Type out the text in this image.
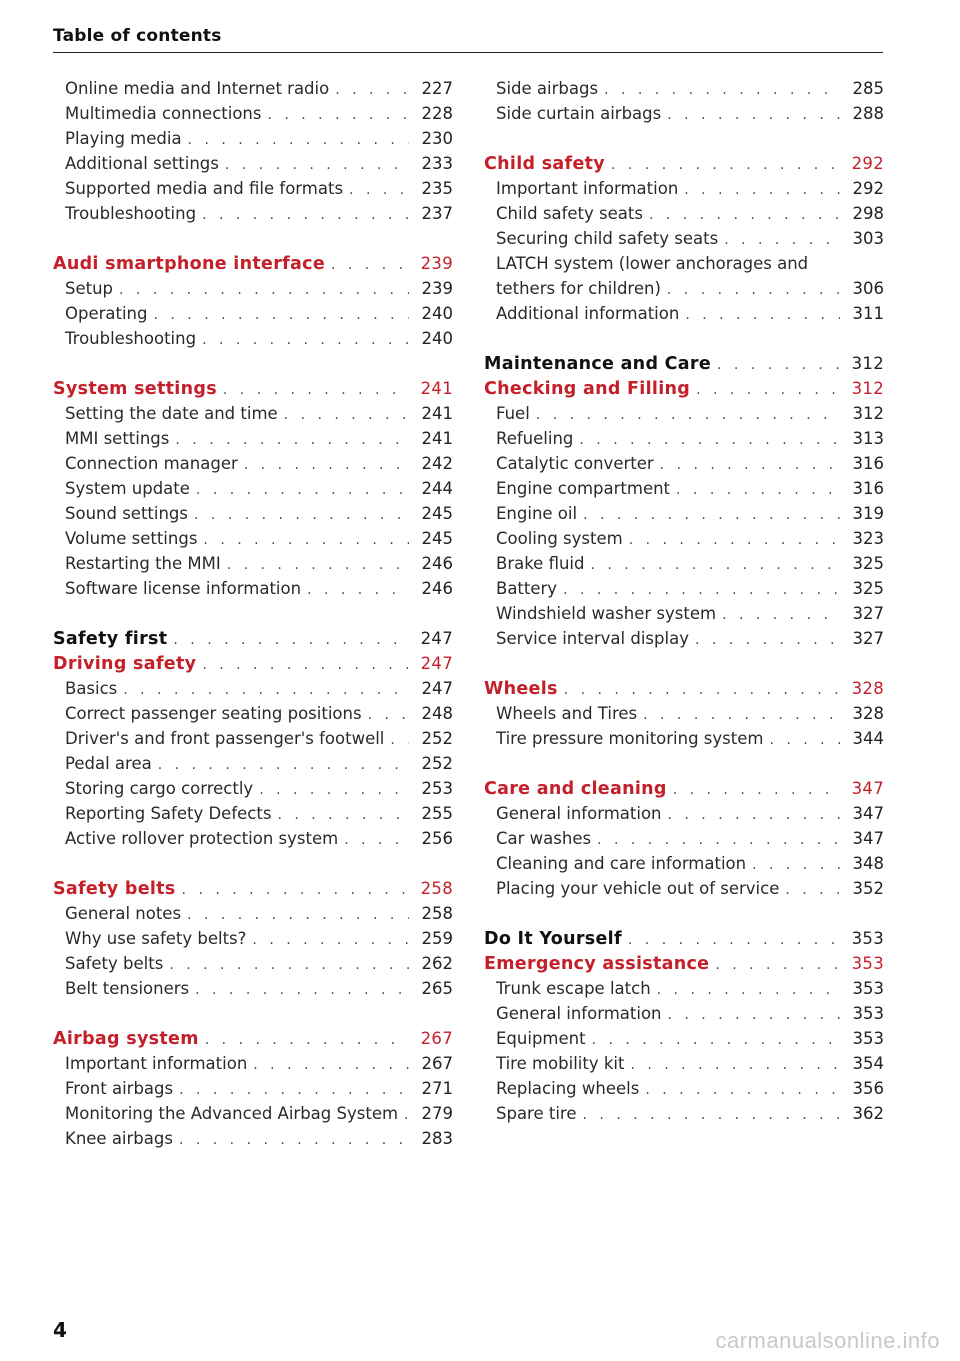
Table of contents
Online media and Internet radio . . .	227
Multimedia connections . . .	228
Playing media . . .	230
Additional settings . . .	233
Supported media and file formats . . .	235
Troubleshooting . . .	237
Audi smartphone interface . . .	239
Setup . . .	239
Operating . . .	240
Troubleshooting . . .	240
System settings . . .	241
Setting the date and time . . .	241
MMI settings . . .	241
Connection manager . . .	242
System update . . .	244
Sound settings . . .	245
Volume settings . . .	245
Restarting the MMI . . .	246
Software license information . . .	246
Safety first . . .	247
Driving safety . . .	247
Basics . . .	247
Correct passenger seating positions . . .	248
Driver's and front passenger's footwell . . . 252
Pedal area . . .	252
Storing cargo correctly . . .	253
Reporting Safety Defects . . .	255
Active rollover protection system . . .	256
Safety belts . . .	258
General notes . . .	258
Why use safety belts? . . .	259
Safety belts . . .	262
Belt tensioners . . .	265
Airbag system . . .	267
Important information . . .	267
Front airbags . . .	271
Monitoring the Advanced Airbag System . . . 279
Knee airbags . . .	283
Side airbags . . .	285
Side curtain airbags . . .	288
Child safety . . .	292
Important information . . .	292
Child safety seats . . .	298
Securing child safety seats . . .	303
LATCH system (lower anchorages and
tethers for children) . . .	306
Additional information . . .	311
Maintenance and Care . . .	312
Checking and Filling . . .	312
Fuel . . .	312
Refueling . . .	313
Catalytic converter . . .	316
Engine compartment . . .	316
Engine oil . . .	319
Cooling system . . .	323
Brake fluid . . .	325
Battery . . .	325
Windshield washer system . . .	327
Service interval display . . .	327
Wheels . . .	328
Wheels and Tires . . .	328
Tire pressure monitoring system . . .	344
Care and cleaning . . .	347
General information . . .	347
Car washes . . .	347
Cleaning and care information . . .	348
Placing your vehicle out of service . . .	352
Do It Yourself . . .	353
Emergency assistance . . .	353
Trunk escape latch . . .	353
General information . . .	353
Equipment . . .	353
Tire mobility kit . . .	354
Replacing wheels . . .	356
Spare tire . . .	362
4	carmanualsonline.info
